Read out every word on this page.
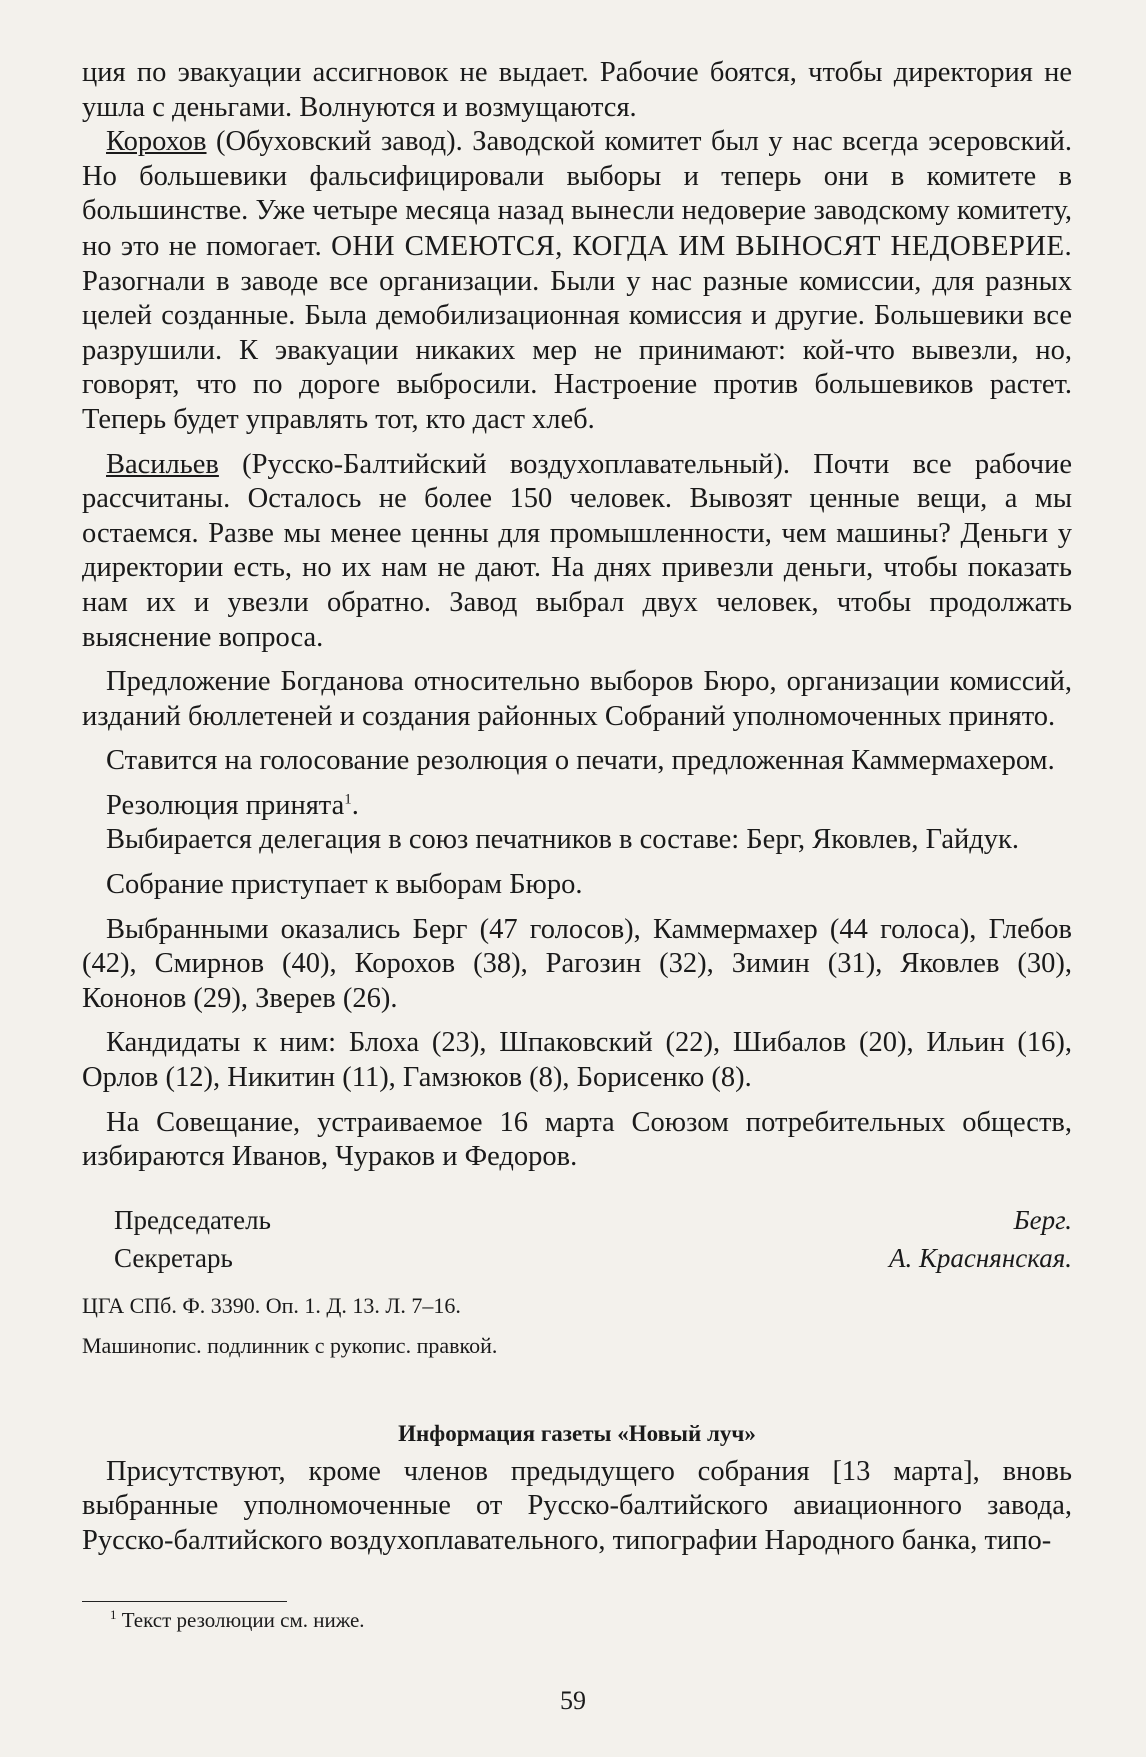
ция по эвакуации ассигновок не выдает. Рабочие боятся, чтобы директория не ушла с деньгами. Волнуются и возмущаются.

Корохов (Обуховский завод). Заводской комитет был у нас всегда эсеровский. Но большевики фальсифицировали выборы и теперь они в комитете в большинстве. Уже четыре месяца назад вынесли недоверие заводскому комитету, но это не помогает. ОНИ СМЕЮТСЯ, КОГДА ИМ ВЫНОСЯТ НЕДОВЕРИЕ. Разогнали в заводе все организации. Были у нас разные комиссии, для разных целей созданные. Была демобилизационная комиссия и другие. Большевики все разрушили. К эвакуации никаких мер не принимают: кой-что вывезли, но, говорят, что по дороге выбросили. Настроение против большевиков растет. Теперь будет управлять тот, кто даст хлеб.

Васильев (Русско-Балтийский воздухоплавательный). Почти все рабочие рассчитаны. Осталось не более 150 человек. Вывозят ценные вещи, а мы остаемся. Разве мы менее ценны для промышленности, чем машины? Деньги у директории есть, но их нам не дают. На днях привезли деньги, чтобы показать нам их и увезли обратно. Завод выбрал двух человек, чтобы продолжать выяснение вопроса.

Предложение Богданова относительно выборов Бюро, организации комиссий, изданий бюллетеней и создания районных Собраний уполномоченных принято.

Ставится на голосование резолюция о печати, предложенная Каммермахером.

Резолюция принята$^1$.

Выбирается делегация в союз печатников в составе: Берг, Яковлев, Гайдук.

Собрание приступает к выборам Бюро.

Выбранными оказались Берг (47 голосов), Каммермахер (44 голоса), Глебов (42), Смирнов (40), Корохов (38), Рагозин (32), Зимин (31), Яковлев (30), Кононов (29), Зверев (26).

Кандидаты к ним: Блоха (23), Шпаковский (22), Шибалов (20), Ильин (16), Орлов (12), Никитин (11), Гамзюков (8), Борисенко (8).

На Совещание, устраиваемое 16 марта Союзом потребительных обществ, избираются Иванов, Чураков и Федоров.

Председатель	Берг.
Секретарь	А. Краснянская.
ЦГА СПб. Ф. 3390. Оп. 1. Д. 13. Л. 7–16.
Машинопис. подлинник с рукопис. правкой.
Информация газеты «Новый луч»

Присутствуют, кроме членов предыдущего собрания [13 марта], вновь выбранные уполномоченные от Русско-балтийского авиационного завода, Русско-балтийского воздухоплавательного, типографии Народного банка, типо-

$^1$ Текст резолюции см. ниже.
59
